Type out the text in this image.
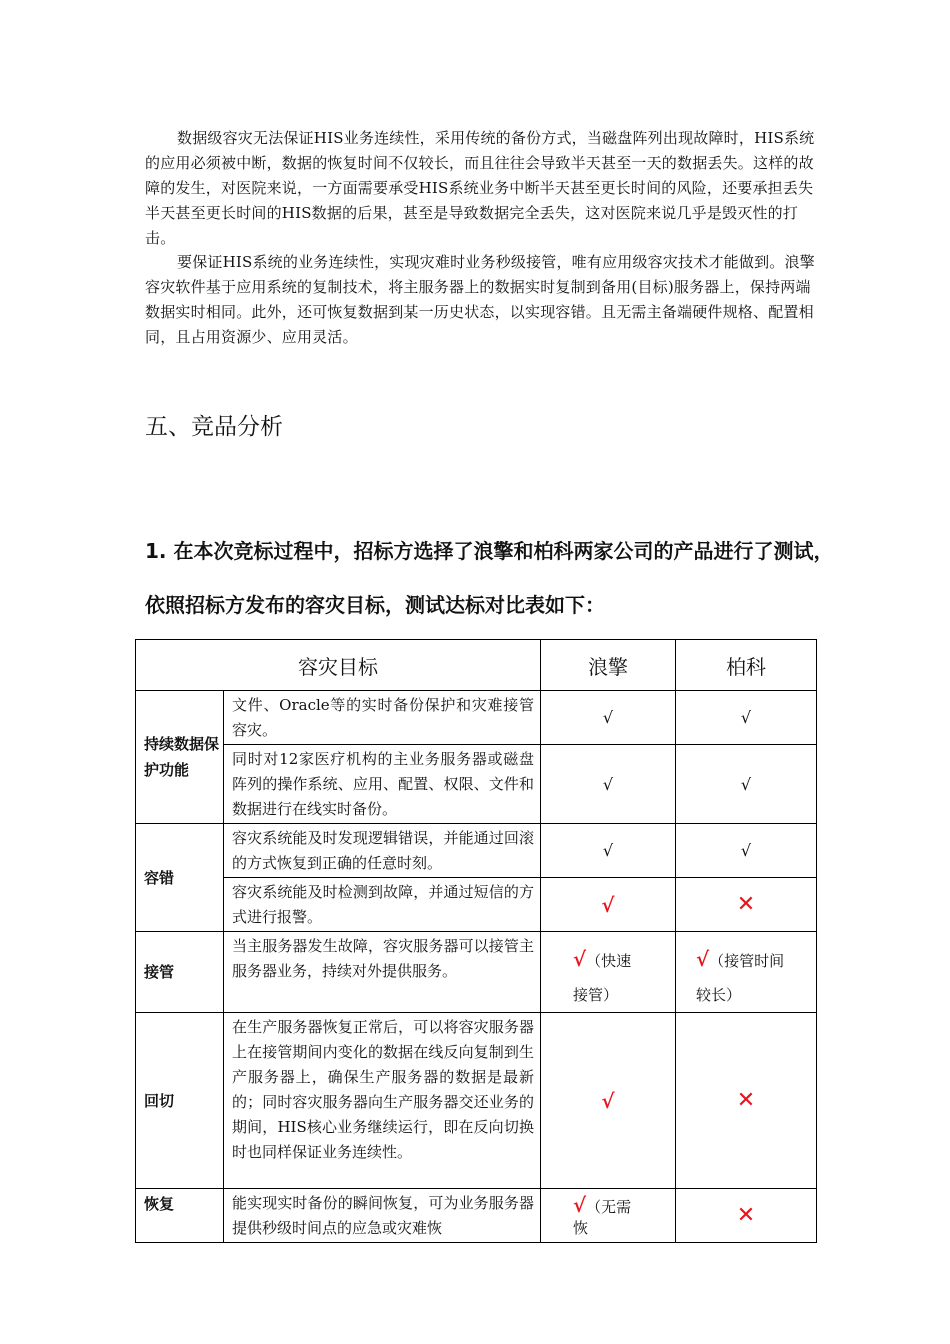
数据级容灾无法保证HIS业务连续性，采用传统的备份方式，当磁盘阵列出现故障时，HIS系统的应用必须被中断，数据的恢复时间不仅较长，而且往往会导致半天甚至一天的数据丢失。这样的故障的发生，对医院来说，一方面需要承受HIS系统业务中断半天甚至更长时间的风险，还要承担丢失半天甚至更长时间的HIS数据的后果，甚至是导致数据完全丢失，这对医院来说几乎是毁灭性的打击。

要保证HIS系统的业务连续性，实现灾难时业务秒级接管，唯有应用级容灾技术才能做到。浪擎容灾软件基于应用系统的复制技术，将主服务器上的数据实时复制到备用(目标)服务器上，保持两端数据实时相同。此外，还可恢复数据到某一历史状态，以实现容错。且无需主备端硬件规格、配置相同，且占用资源少、应用灵活。

五、竞品分析
1. 在本次竞标过程中，招标方选择了浪擎和柏科两家公司的产品进行了测试，依照招标方发布的容灾目标，测试达标对比表如下：
容灾目标		浪擎	柏科
持续数据保护功能	文件、Oracle等的实时备份保护和灾难接管容灾。	√	√
	同时对12家医疗机构的主业务服务器或磁盘阵列的操作系统、应用、配置、权限、文件和数据进行在线实时备份。	√	√
容错	容灾系统能及时发现逻辑错误，并能通过回滚的方式恢复到正确的任意时刻。	√	√
	容灾系统能及时检测到故障，并通过短信的方式进行报警。	√	✕
接管	当主服务器发生故障，容灾服务器可以接管主服务器业务，持续对外提供服务。	√（快速接管）	√（接管时间较长）

回切	在生产服务器恢复正常后，可以将容灾服务器上在接管期间内变化的数据在线反向复制到生产服务器上，确保生产服务器的数据是最新的；同时容灾服务器向生产服务器交还业务的期间，HIS核心业务继续运行，即在反向切换时也同样保证业务连续性。	√	✕
恢复	能实现实时备份的瞬间恢复，可为业务服务器提供秒级时间点的应急或灾难恢	√（无需恢	✕
